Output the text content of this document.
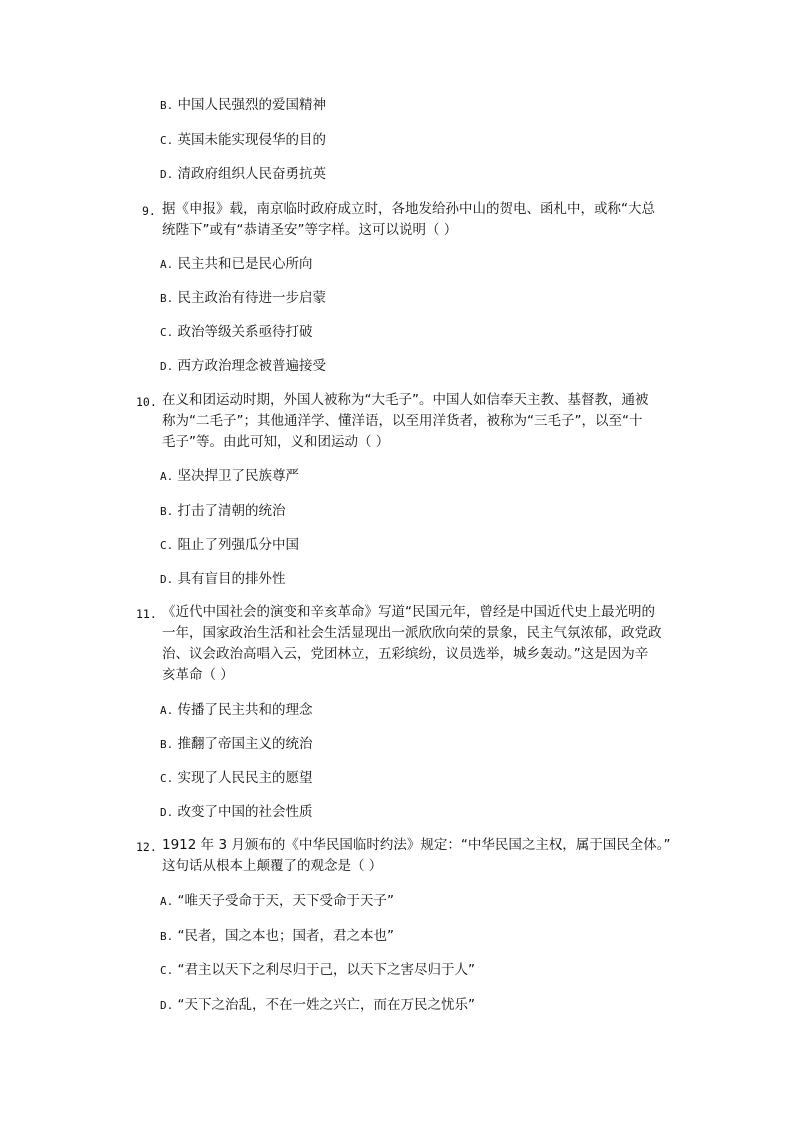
B. 中国人民强烈的爱国精神
C. 英国未能实现侵华的目的
D. 清政府组织人民奋勇抗英
9. 据《申报》载，南京临时政府成立时，各地发给孙中山的贺电、函札中，或称“大总
统陛下”或有“恭请圣安”等字样。这可以说明（ ）
A. 民主共和已是民心所向
B. 民主政治有待进一步启蒙
C. 政治等级关系亟待打破
D. 西方政治理念被普遍接受
10. 在义和团运动时期，外国人被称为“大毛子”。中国人如信奉天主教、基督教，通被
称为“二毛子”；其他通洋学、懂洋语，以至用洋货者，被称为“三毛子”，以至“十
毛子”等。由此可知，义和团运动（ ）
A. 坚决捍卫了民族尊严
B. 打击了清朝的统治
C. 阻止了列强瓜分中国
D. 具有盲目的排外性
11. 《近代中国社会的演变和辛亥革命》写道“民国元年，曾经是中国近代史上最光明的
一年，国家政治生活和社会生活显现出一派欣欣向荣的景象，民主气氛浓郁，政党政
治、议会政治高唱入云，党团林立，五彩缤纷，议员选举，城乡轰动。”这是因为辛
亥革命（ ）
A. 传播了民主共和的理念
B. 推翻了帝国主义的统治
C. 实现了人民民主的愿望
D. 改变了中国的社会性质
12. 1912 年 3 月颁布的《中华民国临时约法》规定：“中华民国之主权，属于国民全体。”
这句话从根本上颠覆了的观念是（ ）
A. “唯天子受命于天，天下受命于天子”
B. “民者，国之本也；国者，君之本也”
C. “君主以天下之利尽归于己，以天下之害尽归于人”
D. “天下之治乱，不在一姓之兴亡，而在万民之忧乐”
